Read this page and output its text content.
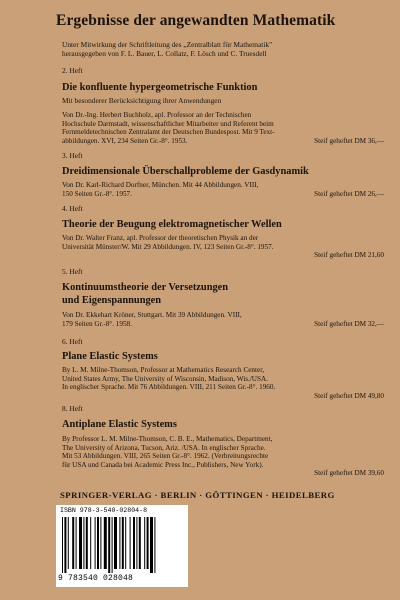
Ergebnisse der angewandten Mathematik
Unter Mitwirkung der Schriftleitung des „Zentralblatt für Mathematik"
herausgegeben von F. L. Bauer, L. Collatz, F. Lösch und C. Truesdell
2. Heft
Die konfluente hypergeometrische Funktion
Mit besonderer Berücksichtigung ihrer Anwendungen
Von Dr.-Ing. Herbert Buchholz, apl. Professor an der Technischen
Hochschule Darmstadt, wissenschaftlicher Mitarbeiter und Referent beim
Fernmeldetechnischen Zentralamt der Deutschen Bundespost. Mit 9 Text-
abbildungen. XVI, 234 Seiten Gr.-8°. 1953.	Steif geheftet DM 36,—
3. Heft
Dreidimensionale Überschallprobleme der Gasdynamik
Von Dr. Karl-Richard Dorfner, München. Mit 44 Abbildungen. VIII,
150 Seiten Gr.-8°. 1957.	Steif geheftet DM 26,—
4. Heft
Theorie der Beugung elektromagnetischer Wellen
Von Dr. Walter Franz, apl. Professor der theoretischen Physik an der
Universität Münster/W. Mit 29 Abbildungen. IV, 123 Seiten Gr.-8°. 1957.
Steif geheftet DM 21,60
5. Heft
Kontinuumstheorie der Versetzungen
und Eigenspannungen
Von Dr. Ekkehart Kröner, Stuttgart. Mit 39 Abbildungen. VIII,
179 Seiten Gr.-8°. 1958.	Steif geheftet DM 32,—
6. Heft
Plane Elastic Systems
By L. M. Milne-Thomson, Professor at Mathematics Research Center,
United States Army, The University of Wisconsin, Madison, Wis./USA.
In englischer Sprache. Mit 76 Abbildungen. VIII, 211 Seiten Gr.-8°. 1960.
Steif geheftet DM 49,80
8. Heft
Antiplane Elastic Systems
By Professor L. M. Milne-Thomson, C. B. E., Mathematics, Department,
The University of Arizona, Tucson, Ariz. /USA. In englischer Sprache.
Mit 53 Abbildungen. VIII, 265 Seiten Gr.-8°. 1962. (Verbreitungsrechte
für USA und Canada bei Academic Press Inc., Publishers, New York).
Steif geheftet DM 39,60
SPRINGER-VERLAG · BERLIN · GÖTTINGEN · HEIDELBERG
ISBN 978-3-540-02804-8
9 783540 028048
